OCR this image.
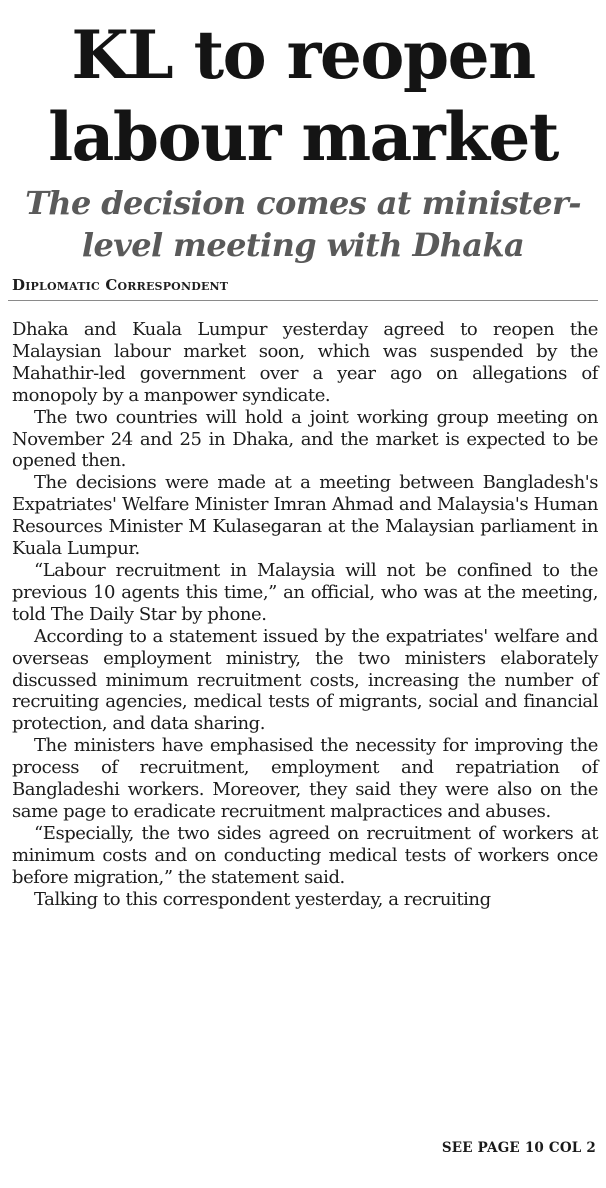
KL to reopen
labour market
The decision comes at minister-
level meeting with Dhaka
Diplomatic Correspondent

Dhaka and Kuala Lumpur yesterday agreed to reopen the Malaysian labour market soon, which was suspended by the Mahathir-led government over a year ago on allegations of monopoly by a manpower syndicate.

The two countries will hold a joint working group meeting on November 24 and 25 in Dhaka, and the market is expected to be opened then.

The decisions were made at a meeting between Bangladesh's Expatriates' Welfare Minister Imran Ahmad and Malaysia's Human Resources Minister M Kulasegaran at the Malaysian parliament in Kuala Lumpur.

“Labour recruitment in Malaysia will not be confined to the previous 10 agents this time,” an official, who was at the meeting, told The Daily Star by phone.

According to a statement issued by the expatriates' welfare and overseas employment ministry, the two ministers elaborately discussed minimum recruitment costs, increasing the number of recruiting agencies, medical tests of migrants, social and financial protection, and data sharing.

The ministers have emphasised the necessity for improving the process of recruitment, employment and repatriation of Bangladeshi workers. Moreover, they said they were also on the same page to eradicate recruitment malpractices and abuses.

“Especially, the two sides agreed on recruitment of workers at minimum costs and on conducting medical tests of workers once before migration,” the statement said.

Talking to this correspondent yesterday, a recruiting

SEE PAGE 10 COL 2
